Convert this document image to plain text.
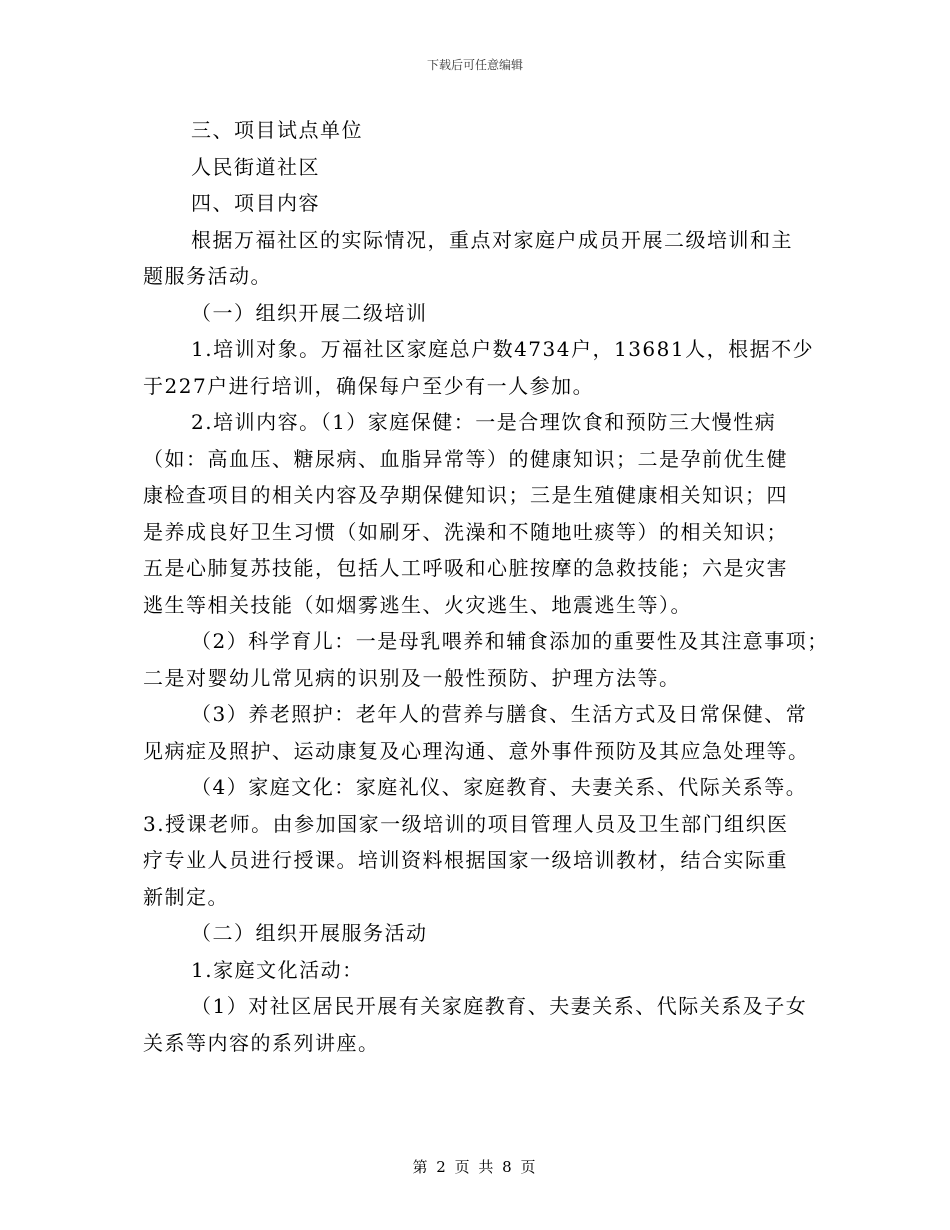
下载后可任意编辑
三、项目试点单位
人民街道社区
四、项目内容
根据万福社区的实际情况，重点对家庭户成员开展二级培训和主
题服务活动。
（一）组织开展二级培训
1.培训对象。万福社区家庭总户数4734户，13681人，根据不少
于227户进行培训，确保每户至少有一人参加。
2.培训内容。（1）家庭保健：一是合理饮食和预防三大慢性病
（如：高血压、糖尿病、血脂异常等）的健康知识；二是孕前优生健
康检查项目的相关内容及孕期保健知识；三是生殖健康相关知识；四
是养成良好卫生习惯（如刷牙、洗澡和不随地吐痰等）的相关知识；
五是心肺复苏技能，包括人工呼吸和心脏按摩的急救技能；六是灾害
逃生等相关技能（如烟雾逃生、火灾逃生、地震逃生等）。
（2）科学育儿：一是母乳喂养和辅食添加的重要性及其注意事项；
二是对婴幼儿常见病的识别及一般性预防、护理方法等。
（3）养老照护：老年人的营养与膳食、生活方式及日常保健、常
见病症及照护、运动康复及心理沟通、意外事件预防及其应急处理等。
（4）家庭文化：家庭礼仪、家庭教育、夫妻关系、代际关系等。
3.授课老师。由参加国家一级培训的项目管理人员及卫生部门组织医
疗专业人员进行授课。培训资料根据国家一级培训教材，结合实际重
新制定。
（二）组织开展服务活动
1.家庭文化活动：
（1）对社区居民开展有关家庭教育、夫妻关系、代际关系及子女
关系等内容的系列讲座。
第 2 页 共 8 页
